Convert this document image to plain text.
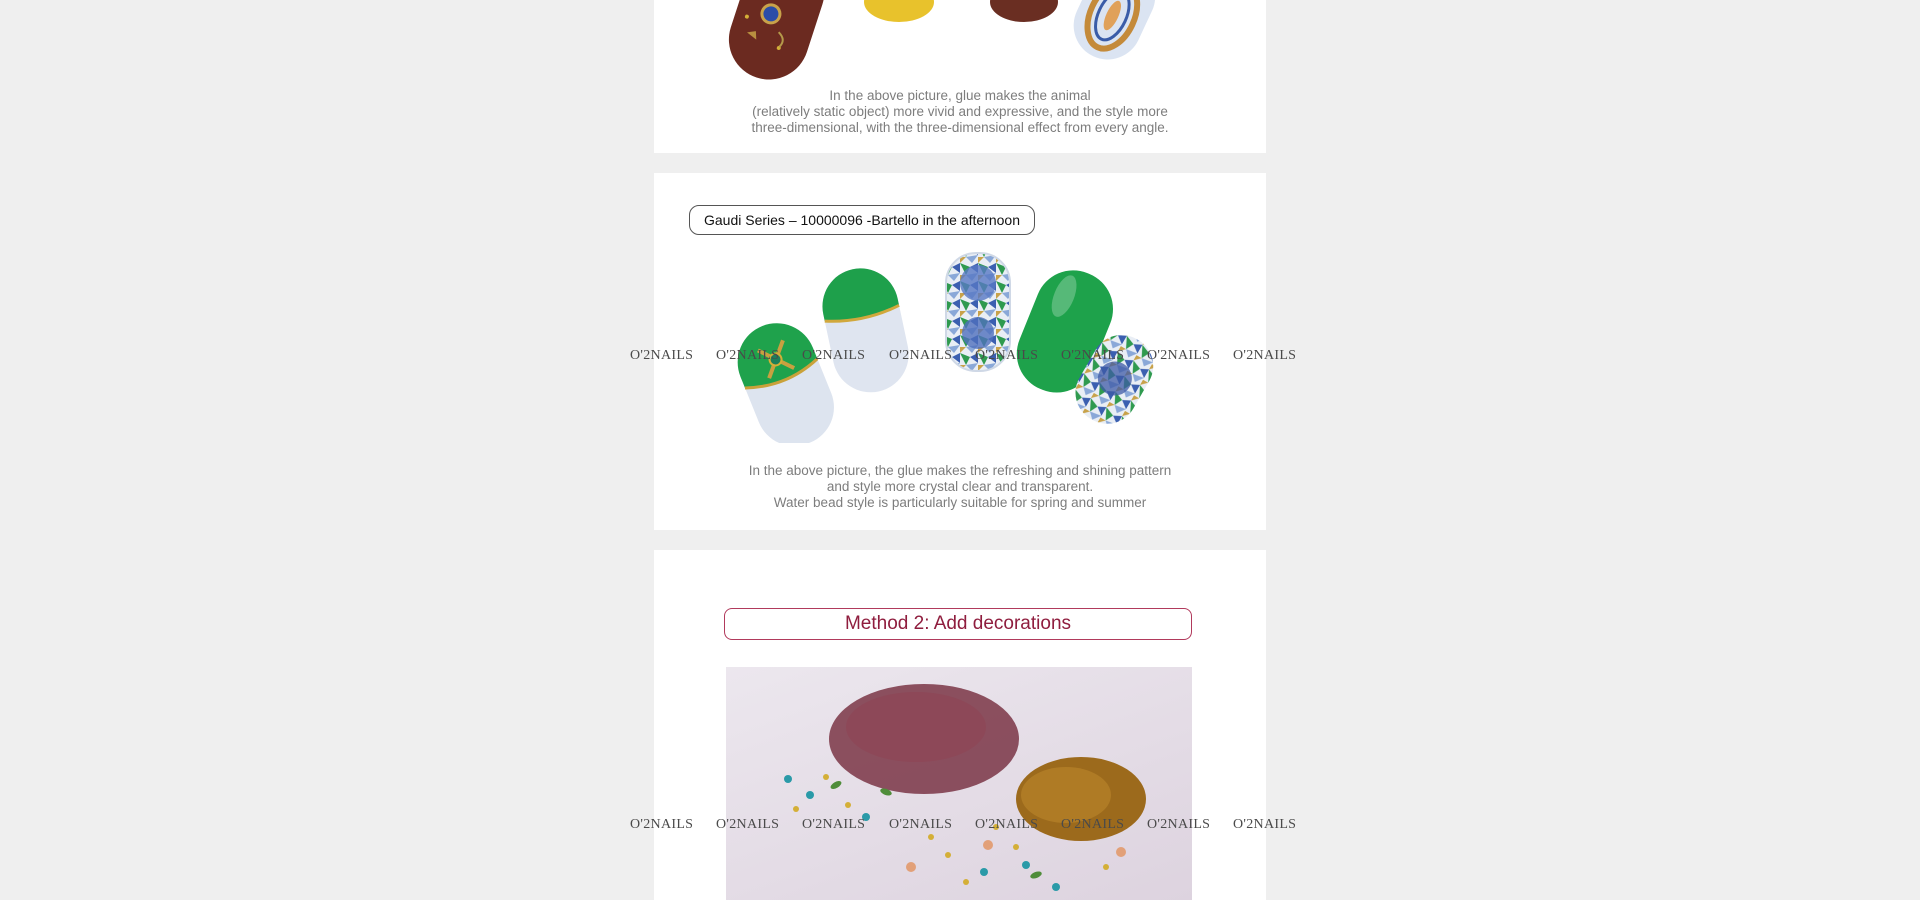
In the above picture, glue makes the animal
(relatively static object) more vivid and expressive, and the style more
three-dimensional, with the three-dimensional effect from every angle.
Gaudi Series – 10000096 -Bartello in the afternoon
In the above picture, the glue makes the refreshing and shining pattern
and style more crystal clear and transparent.
Water bead style is particularly suitable for spring and summer
Method 2: Add decorations
O'2NAILS O'2NAILS O'2NAILS O'2NAILS O'2NAILS O'2NAILS O'2NAILS O'2NAILS
O'2NAILS O'2NAILS O'2NAILS O'2NAILS O'2NAILS O'2NAILS O'2NAILS O'2NAILS
